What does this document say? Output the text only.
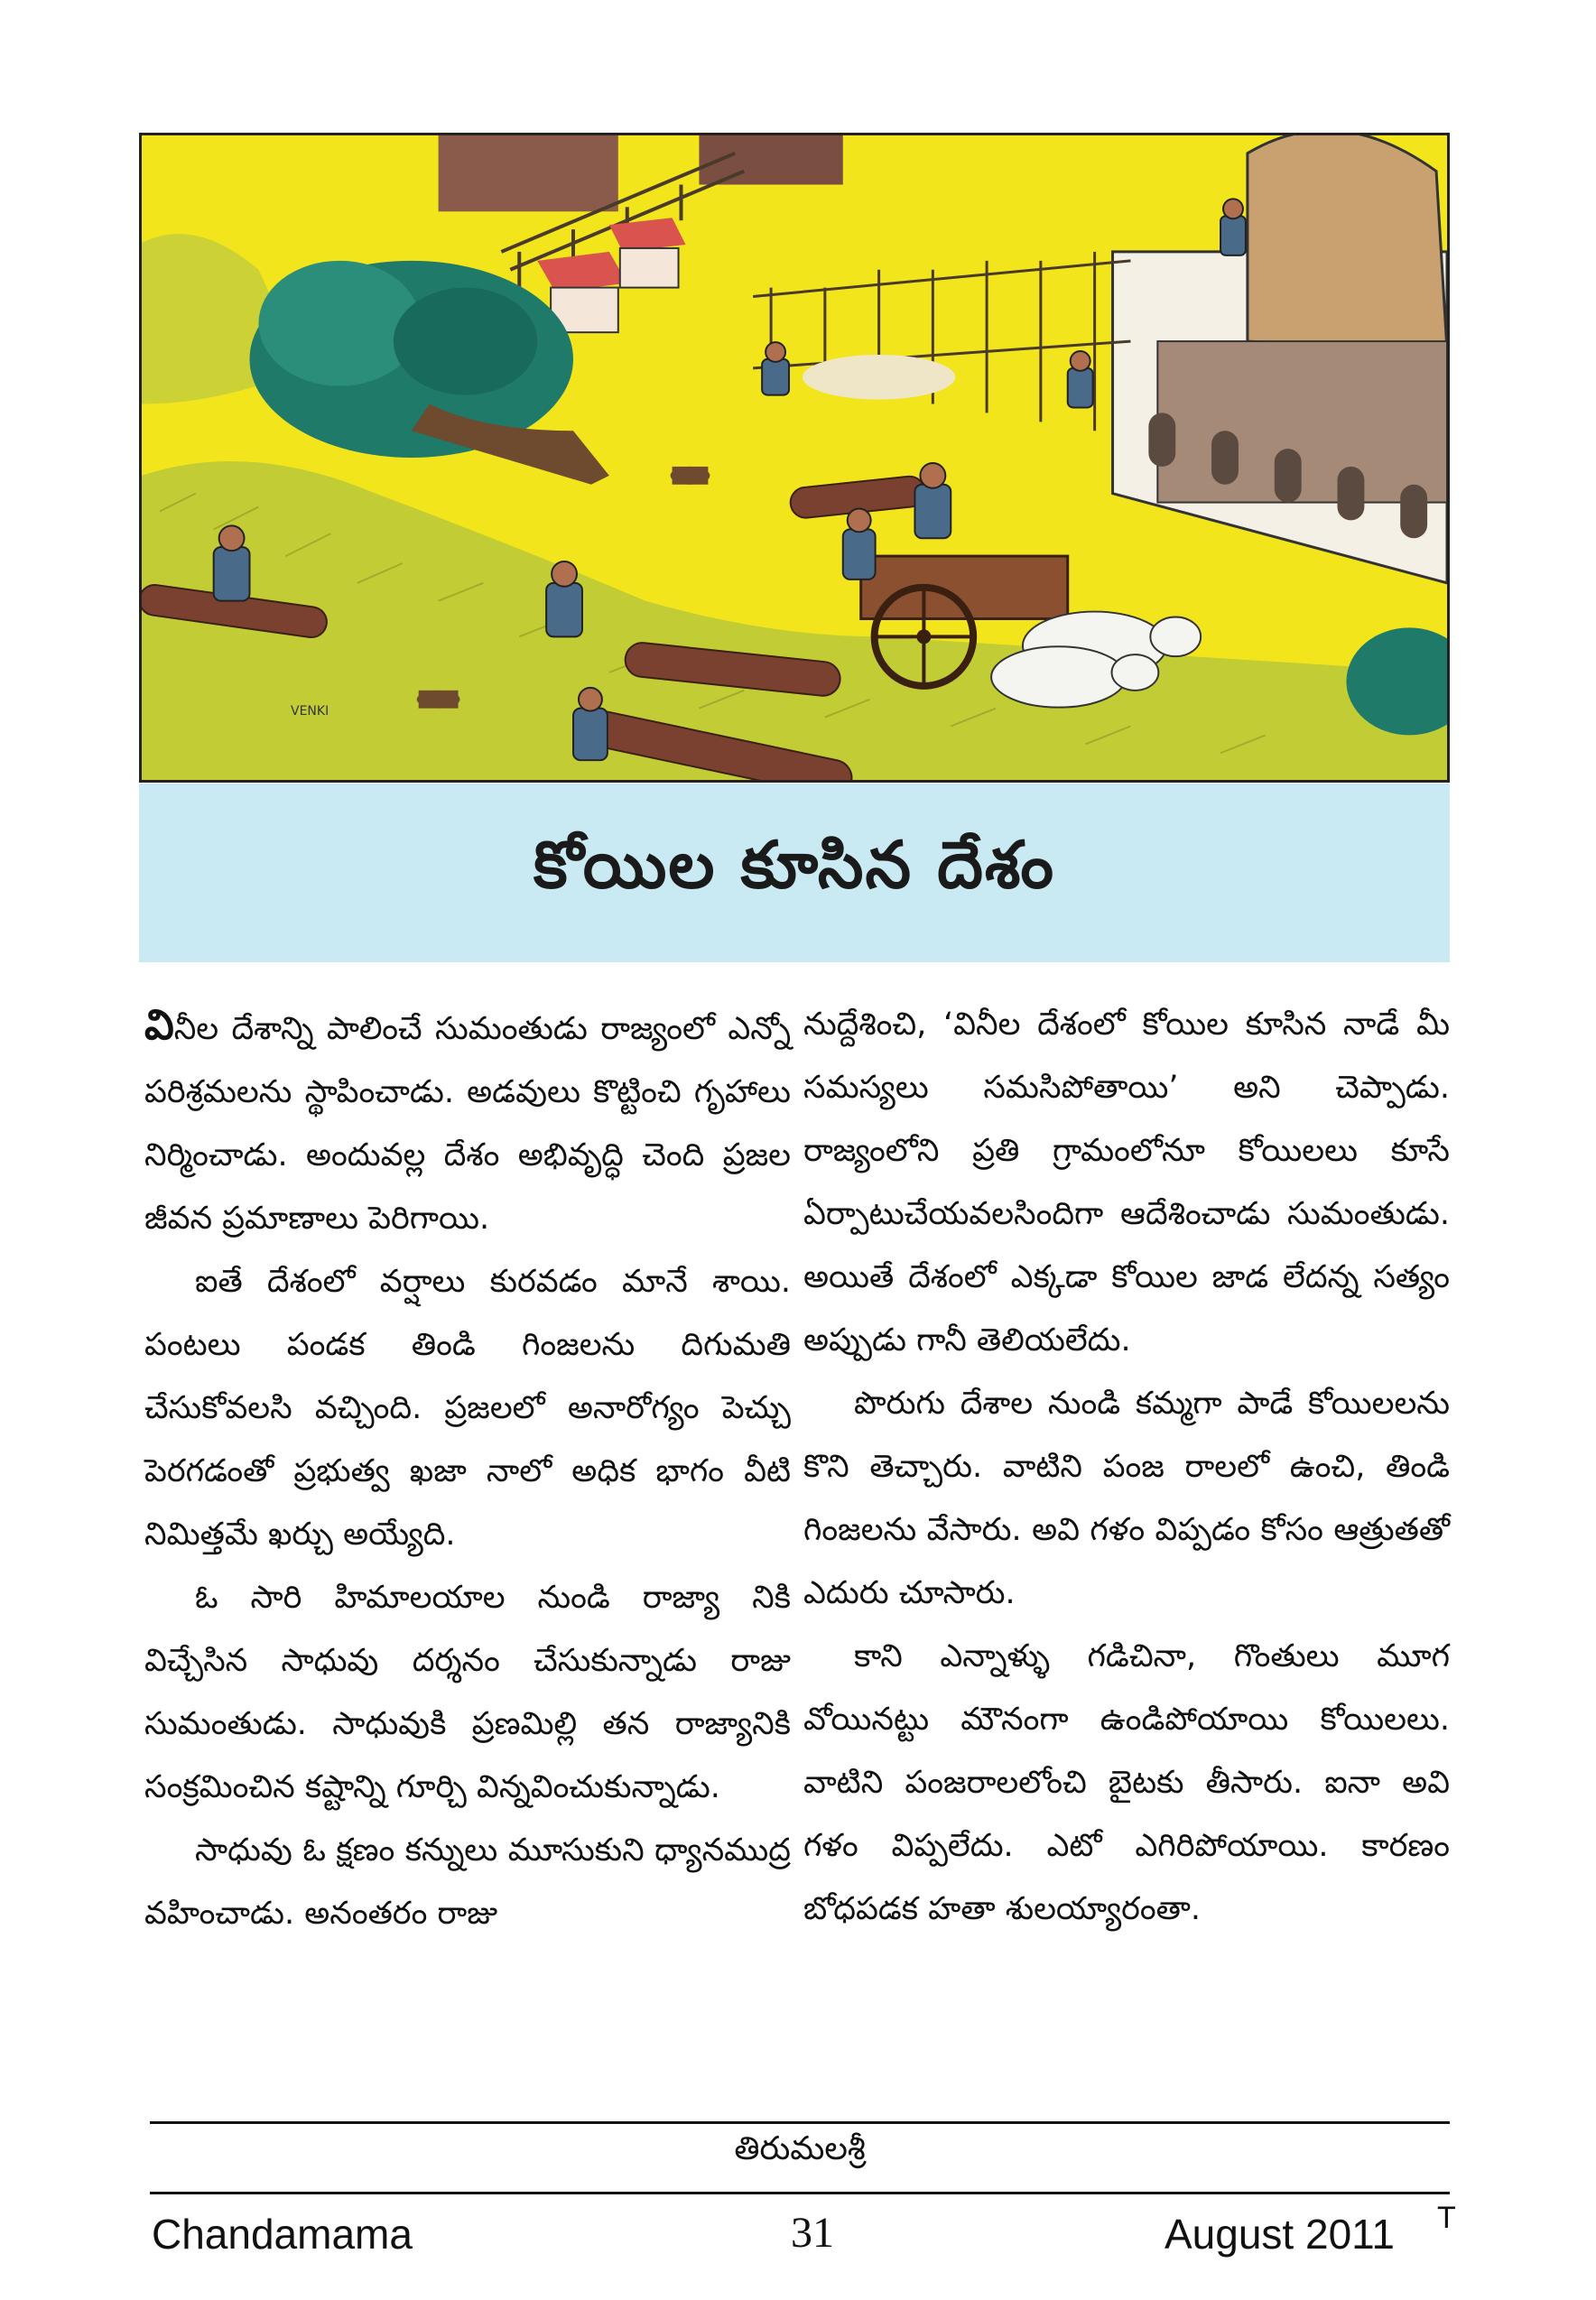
VENKI
కోయిల కూసిన దేశం

వినీల దేశాన్ని పాలించే సుమంతుడు రాజ్యంలో ఎన్నో పరిశ్రమలను స్థాపించాడు. అడవులు కొట్టించి గృహాలు నిర్మించాడు. అందువల్ల దేశం అభివృద్ధి చెంది ప్రజల జీవన ప్రమాణాలు పెరిగాయి.

ఐతే దేశంలో వర్షాలు కురవడం మానే శాయి. పంటలు పండక తిండి గింజలను దిగుమతి చేసుకోవలసి వచ్చింది. ప్రజలలో అనారోగ్యం పెచ్చు పెరగడంతో ప్రభుత్వ ఖజా నాలో అధిక భాగం వీటి నిమిత్తమే ఖర్చు అయ్యేది.

ఓ సారి హిమాలయాల నుండి రాజ్యా నికి విచ్చేసిన సాధువు దర్శనం చేసుకున్నాడు రాజు సుమంతుడు. సాధువుకి ప్రణమిల్లి తన రాజ్యానికి సంక్రమించిన కష్టాన్ని గూర్చి విన్నవించుకున్నాడు.

సాధువు ఓ క్షణం కన్నులు మూసుకుని ధ్యానముద్ర వహించాడు. అనంతరం రాజు

నుద్దేశించి, ‘వినీల దేశంలో కోయిల కూసిన నాడే మీ సమస్యలు సమసిపోతాయి’ అని చెప్పాడు. రాజ్యంలోని ప్రతి గ్రామంలోనూ కోయిలలు కూసే ఏర్పాటుచేయవలసిందిగా ఆదేశించాడు సుమంతుడు. అయితే దేశంలో ఎక్కడా కోయిల జాడ లేదన్న సత్యం అప్పుడు గానీ తెలియలేదు.

పొరుగు దేశాల నుండి కమ్మగా పాడే కోయిలలను కొని తెచ్చారు. వాటిని పంజ రాలలో ఉంచి, తిండి గింజలను వేసారు. అవి గళం విప్పడం కోసం ఆత్రుతతో ఎదురు చూసారు.

కాని ఎన్నాళ్ళు గడిచినా, గొంతులు మూగ వోయినట్టు మౌనంగా ఉండిపోయాయి కోయిలలు. వాటిని పంజరాలలోంచి బైటకు తీసారు. ఐనా అవి గళం విప్పలేదు. ఎటో ఎగిరిపోయాయి. కారణం బోధపడక హతా శులయ్యారంతా.

తిరుమలశ్రీ
Chandamama	31	August 2011 T
